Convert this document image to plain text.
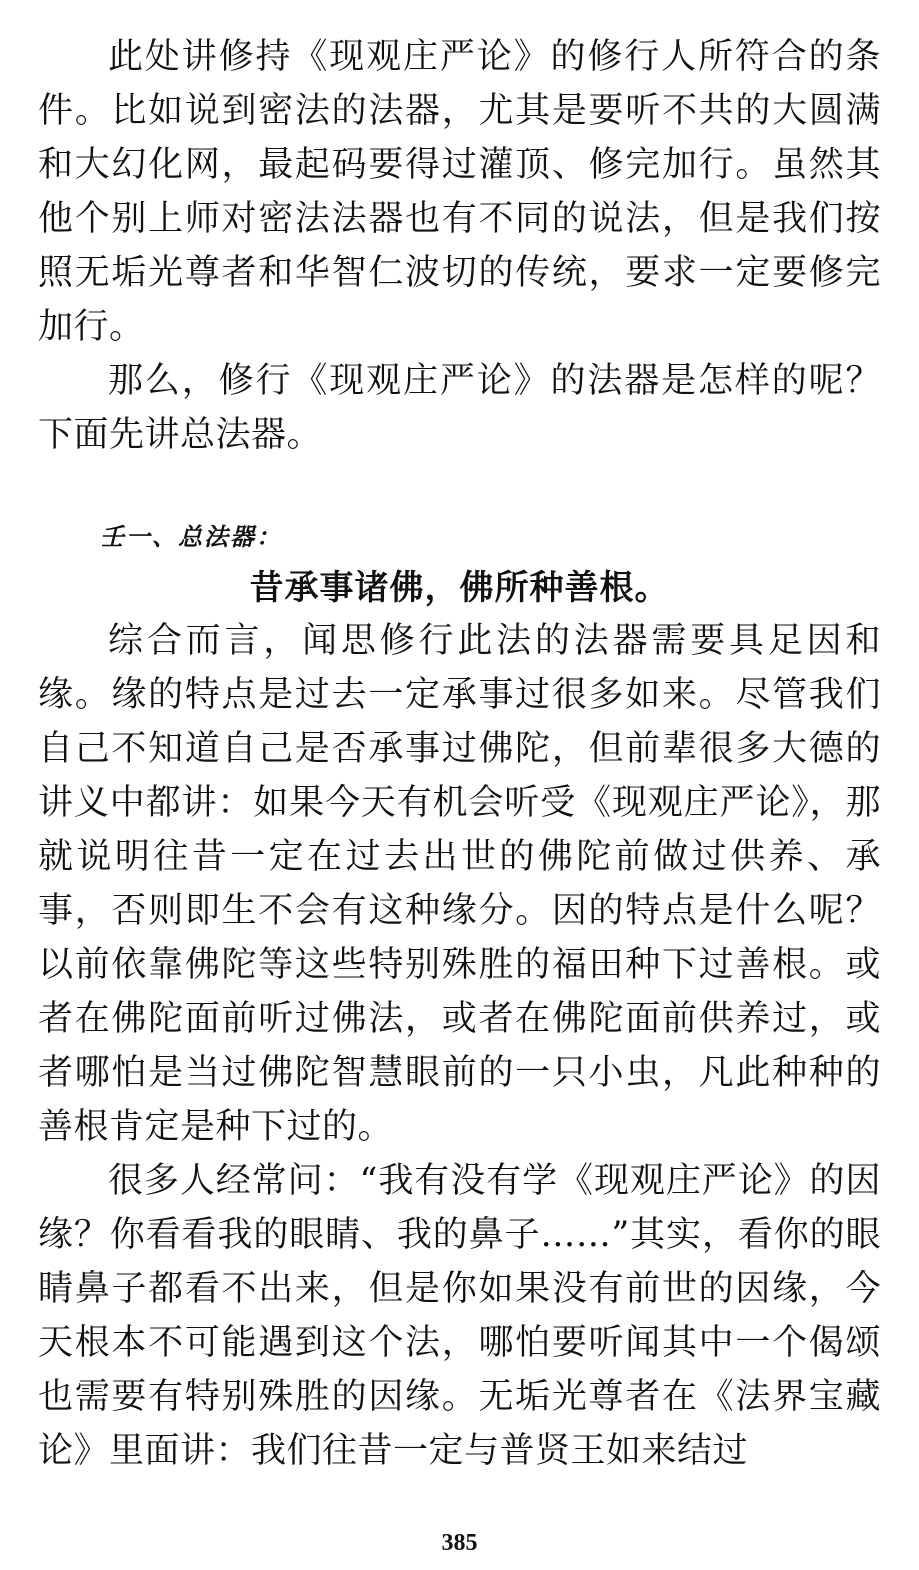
此处讲修持《现观庄严论》的修行人所符合的条件。比如说到密法的法器，尤其是要听不共的大圆满和大幻化网，最起码要得过灌顶、修完加行。虽然其他个别上师对密法法器也有不同的说法，但是我们按照无垢光尊者和华智仁波切的传统，要求一定要修完加行。

那么，修行《现观庄严论》的法器是怎样的呢？下面先讲总法器。

壬一、总法器：

昔承事诸佛，佛所种善根。

综合而言，闻思修行此法的法器需要具足因和缘。缘的特点是过去一定承事过很多如来。尽管我们自己不知道自己是否承事过佛陀，但前辈很多大德的讲义中都讲：如果今天有机会听受《现观庄严论》，那就说明往昔一定在过去出世的佛陀前做过供养、承事，否则即生不会有这种缘分。因的特点是什么呢？以前依靠佛陀等这些特别殊胜的福田种下过善根。或者在佛陀面前听过佛法，或者在佛陀面前供养过，或者哪怕是当过佛陀智慧眼前的一只小虫，凡此种种的善根肯定是种下过的。

很多人经常问：“我有没有学《现观庄严论》的因缘？你看看我的眼睛、我的鼻子……”其实，看你的眼睛鼻子都看不出来，但是你如果没有前世的因缘，今天根本不可能遇到这个法，哪怕要听闻其中一个偈颂也需要有特别殊胜的因缘。无垢光尊者在《法界宝藏论》里面讲：我们往昔一定与普贤王如来结过

385
